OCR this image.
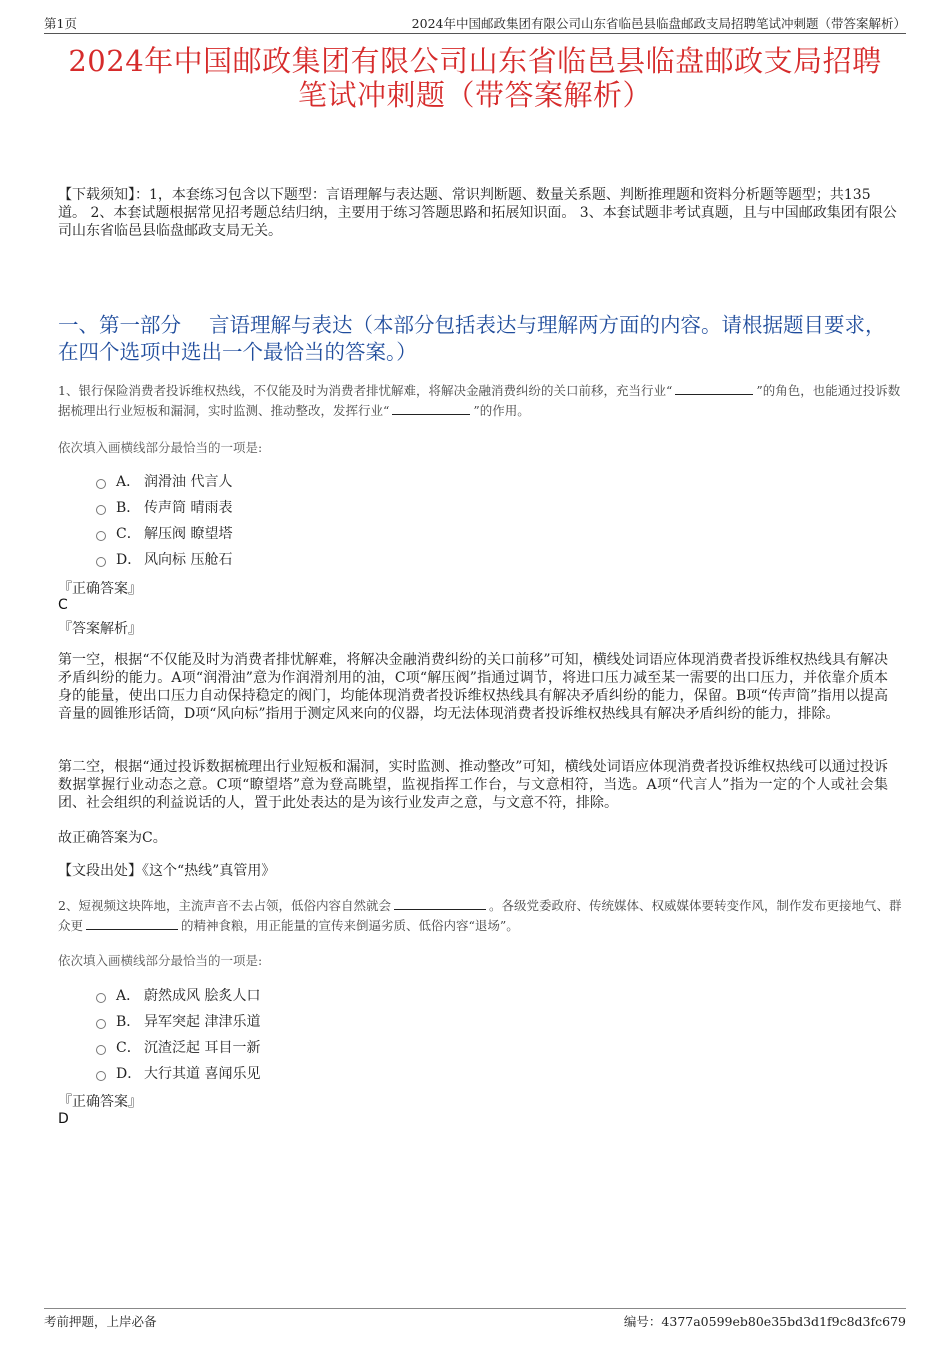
第1页	2024年中国邮政集团有限公司山东省临邑县临盘邮政支局招聘笔试冲刺题（带答案解析）
2024年中国邮政集团有限公司山东省临邑县临盘邮政支局招聘
笔试冲刺题（带答案解析）
【下载须知】：1，本套练习包含以下题型：言语理解与表达题、常识判断题、数量关系题、判断推理题和资料分析题等题型；共135道。 2、本套试题根据常见招考题总结归纳，主要用于练习答题思路和拓展知识面。 3、本套试题非考试真题，且与中国邮政集团有限公司山东省临邑县临盘邮政支局无关。
一、第一部分 言语理解与表达（本部分包括表达与理解两方面的内容。请根据题目要求，在四个选项中选出一个最恰当的答案。）
1、银行保险消费者投诉维权热线，不仅能及时为消费者排忧解难，将解决金融消费纠纷的关口前移，充当行业“	”的角色，也能通过投诉数据梳理出行业短板和漏洞，实时监测、推动整改，发挥行业“	”的作用。
依次填入画横线部分最恰当的一项是:
A． 润滑油 代言人
B． 传声筒 晴雨表
C． 解压阀 瞭望塔
D． 风向标 压舱石
『正确答案』
C
『答案解析』
第一空，根据“不仅能及时为消费者排忧解难，将解决金融消费纠纷的关口前移”可知，横线处词语应体现消费者投诉维权热线具有解决矛盾纠纷的能力。A项“润滑油”意为作润滑剂用的油，C项“解压阀”指通过调节，将进口压力减至某一需要的出口压力，并依靠介质本身的能量，使出口压力自动保持稳定的阀门，均能体现消费者投诉维权热线具有解决矛盾纠纷的能力，保留。B项“传声筒”指用以提高音量的圆锥形话筒，D项“风向标”指用于测定风来向的仪器，均无法体现消费者投诉维权热线具有解决矛盾纠纷的能力，排除。
第二空，根据“通过投诉数据梳理出行业短板和漏洞，实时监测、推动整改”可知，横线处词语应体现消费者投诉维权热线可以通过投诉数据掌握行业动态之意。C项“瞭望塔”意为登高眺望，监视指挥工作台，与文意相符，当选。A项“代言人”指为一定的个人或社会集团、社会组织的利益说话的人，置于此处表达的是为该行业发声之意，与文意不符，排除。
故正确答案为C。
【文段出处】《这个“热线”真管用》
2、短视频这块阵地，主流声音不去占领，低俗内容自然就会	。各级党委政府、传统媒体、权威媒体要转变作风，制作发布更接地气、群众更	的精神食粮，用正能量的宣传来倒逼劣质、低俗内容“退场”。
依次填入画横线部分最恰当的一项是:
A． 蔚然成风 脍炙人口
B． 异军突起 津津乐道
C． 沉渣泛起 耳目一新
D． 大行其道 喜闻乐见
『正确答案』
D
考前押题，上岸必备	编号：4377a0599eb80e35bd3d1f9c8d3fc679
